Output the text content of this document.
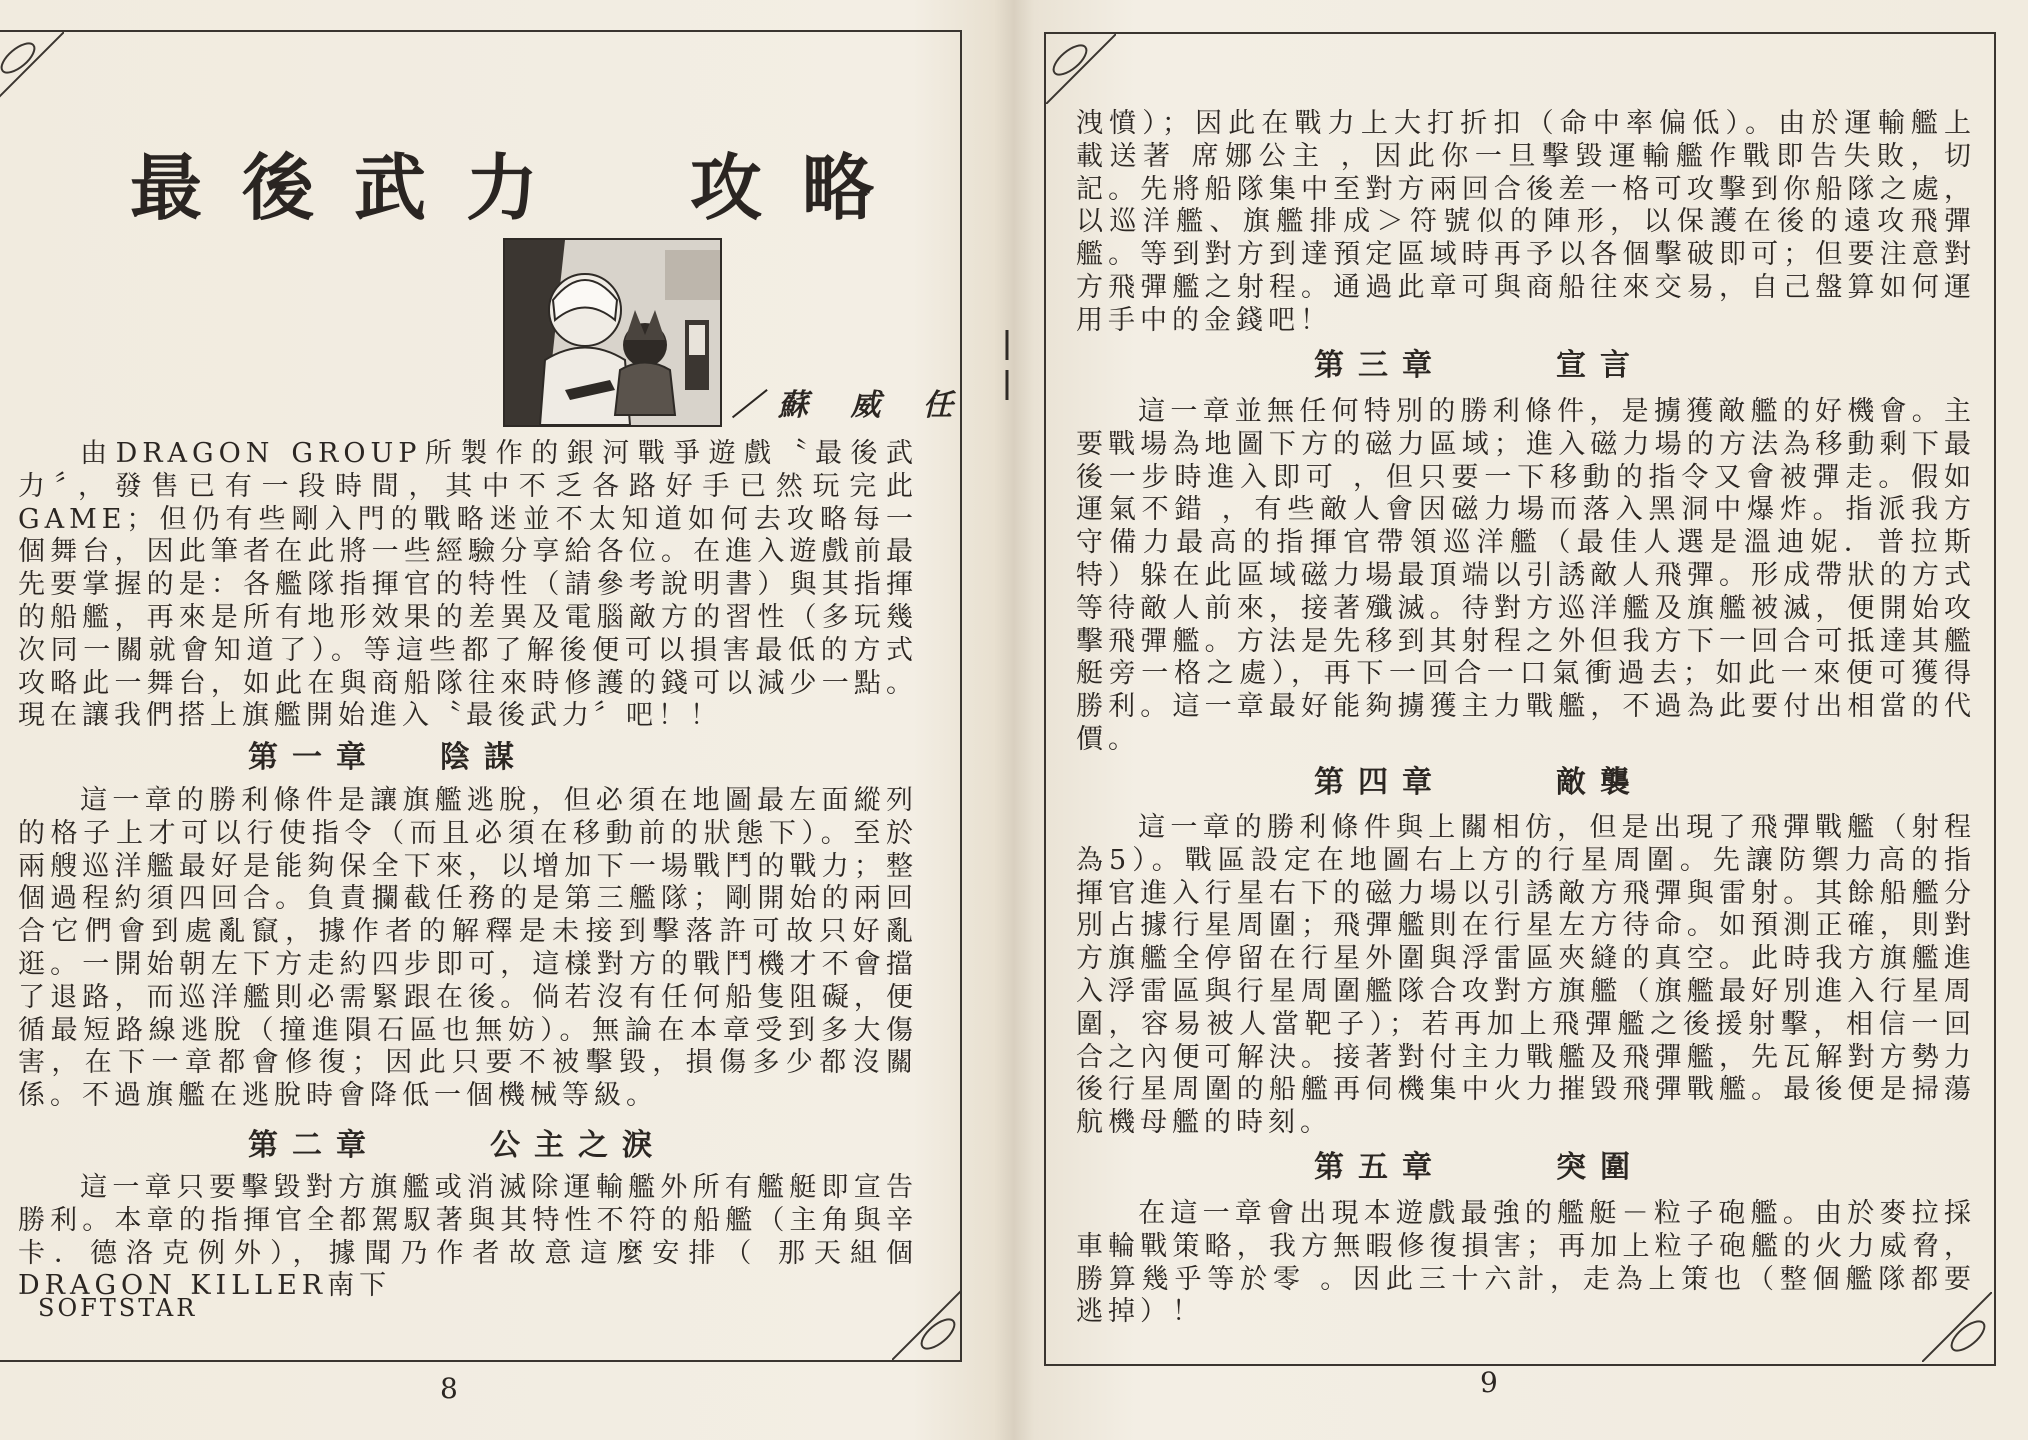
最後武力　攻略
／蘇 威 任

由DRAGON GROUP所製作的銀河戰爭遊戲〝最後武力〞，發售已有一段時間，其中不乏各路好手已然玩完此GAME；但仍有些剛入門的戰略迷並不太知道如何去攻略每一個舞台，因此筆者在此將一些經驗分享給各位。在進入遊戲前最先要掌握的是：各艦隊指揮官的特性（請參考說明書）與其指揮的船艦，再來是所有地形效果的差異及電腦敵方的習性（多玩幾次同一關就會知道了）。等這些都了解後便可以損害最低的方式攻略此一舞台，如此在與商船隊往來時修護的錢可以減少一點。現在讓我們搭上旗艦開始進入〝最後武力〞吧！！

第一章 陰謀

這一章的勝利條件是讓旗艦逃脫，但必須在地圖最左面縱列的格子上才可以行使指令（而且必須在移動前的狀態下）。至於兩艘巡洋艦最好是能夠保全下來，以增加下一場戰鬥的戰力；整個過程約須四回合。負責攔截任務的是第三艦隊；剛開始的兩回合它們會到處亂竄，據作者的解釋是未接到擊落許可故只好亂逛。一開始朝左下方走約四步即可，這樣對方的戰鬥機才不會擋了退路，而巡洋艦則必需緊跟在後。倘若沒有任何船隻阻礙，便循最短路線逃脫（撞進隕石區也無妨）。無論在本章受到多大傷害，在下一章都會修復；因此只要不被擊毀，損傷多少都沒關係。不過旗艦在逃脫時會降低一個機械等級。

第二章	公主之淚

這一章只要擊毀對方旗艦或消滅除運輸艦外所有艦艇即宣告勝利。本章的指揮官全都駕馭著與其特性不符的船艦（主角與辛卡．德洛克例外），據聞乃作者故意這麼安排（ 那天組個DRAGON KILLER南下

SOFTSTAR
8

洩憤）；因此在戰力上大打折扣（命中率偏低）。由於運輸艦上載送著 席娜公主 ，因此你一旦擊毀運輸艦作戰即告失敗，切記。先將船隊集中至對方兩回合後差一格可攻擊到你船隊之處，以巡洋艦、旗艦排成＞符號似的陣形，以保護在後的遠攻飛彈艦。等到對方到達預定區域時再予以各個擊破即可；但要注意對方飛彈艦之射程。通過此章可與商船往來交易，自己盤算如何運用手中的金錢吧！

第三章	宣言

這一章並無任何特別的勝利條件，是擄獲敵艦的好機會。主要戰場為地圖下方的磁力區域；進入磁力場的方法為移動剩下最後一步時進入即可 ，但只要一下移動的指令又會被彈走。假如運氣不錯 ，有些敵人會因磁力場而落入黑洞中爆炸。指派我方守備力最高的指揮官帶領巡洋艦（最佳人選是溫迪妮．普拉斯特）躲在此區域磁力場最頂端以引誘敵人飛彈。形成帶狀的方式等待敵人前來，接著殲滅。待對方巡洋艦及旗艦被滅，便開始攻擊飛彈艦。方法是先移到其射程之外但我方下一回合可抵達其艦艇旁一格之處），再下一回合一口氣衝過去；如此一來便可獲得勝利。這一章最好能夠擄獲主力戰艦，不過為此要付出相當的代價。

第四章	敵襲

這一章的勝利條件與上關相仿，但是出現了飛彈戰艦（射程為5）。戰區設定在地圖右上方的行星周圍。先讓防禦力高的指揮官進入行星右下的磁力場以引誘敵方飛彈與雷射。其餘船艦分別占據行星周圍；飛彈艦則在行星左方待命。如預測正確，則對方旗艦全停留在行星外圍與浮雷區夾縫的真空。此時我方旗艦進入浮雷區與行星周圍艦隊合攻對方旗艦（旗艦最好別進入行星周圍，容易被人當靶子）；若再加上飛彈艦之後援射擊，相信一回合之內便可解決。接著對付主力戰艦及飛彈艦，先瓦解對方勢力後行星周圍的船艦再伺機集中火力摧毀飛彈戰艦。最後便是掃蕩航機母艦的時刻。

第五章	突圍

在這一章會出現本遊戲最強的艦艇－粒子砲艦。由於麥拉採車輪戰策略，我方無暇修復損害；再加上粒子砲艦的火力威脅，勝算幾乎等於零 。因此三十六計，走為上策也（整個艦隊都要逃掉）！

9
